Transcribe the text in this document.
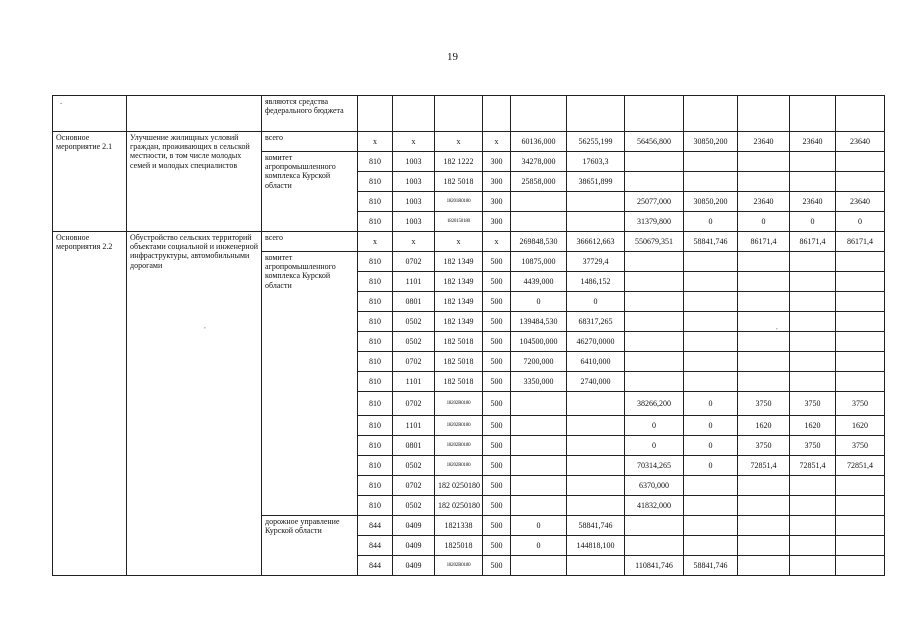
19
-
,	,
		являются средства федерального бюджета											
Основное мероприятие 2.1	Улучшение жилищных условий граждан, проживающих в сельской местности, в том числе молодых семей и молодых специалистов	всего	х	х	х	х	60136,000	56255,199	56456,800	30850,200	23640	23640	23640
		комитет агропромышленного комплекса Курской области	810	1003	182 1222	300	34278,000	17603,3					
			810	1003	182 5018	300	25858,000	38651,899					
			810	1003	18201R0180	300			25077,000	30850,200	23640	23640	23640
			810	1003	1820150180	300			31379,800	0	0	0	0
Основное мероприятия 2.2	Обустройство сельских территорий объектами социальной и инженерной инфраструктуры, автомобильными дорогами	всего	х	х	х	х	269848,530	366612,663	550679,351	58841,746	86171,4	86171,4	86171,4
		комитет агропромышленного комплекса Курской области	810	0702	182 1349	500	10875,000	37729,4					
			810	1101	182 1349	500	4439,000	1486,152					
			810	0801	182 1349	500	0	0					
			810	0502	182 1349	500	139484,530	68317,265					
			810	0502	182 5018	500	104500,000	46270,0000					
			810	0702	182 5018	500	7200,000	6410,000					
			810	1101	182 5018	500	3350,000	2740,000					
			810	0702	18202R0180	500			38266,200	0	3750	3750	3750
			810	1101	18202R0180	500			0	0	1620	1620	1620
			810	0801	18202R0180	500			0	0	3750	3750	3750
			810	0502	18202R0180	500			70314,265	0	72851,4	72851,4	72851,4
			810	0702	182 0250180	500			6370,000				
			810	0502	182 0250180	500			41832,000				
		дорожное управление Курской области	844	0409	1821338	500	0	58841,746					
			844	0409	1825018	500	0	144818,100					
			844	0409	18202R0180	500			110841,746	58841,746			
